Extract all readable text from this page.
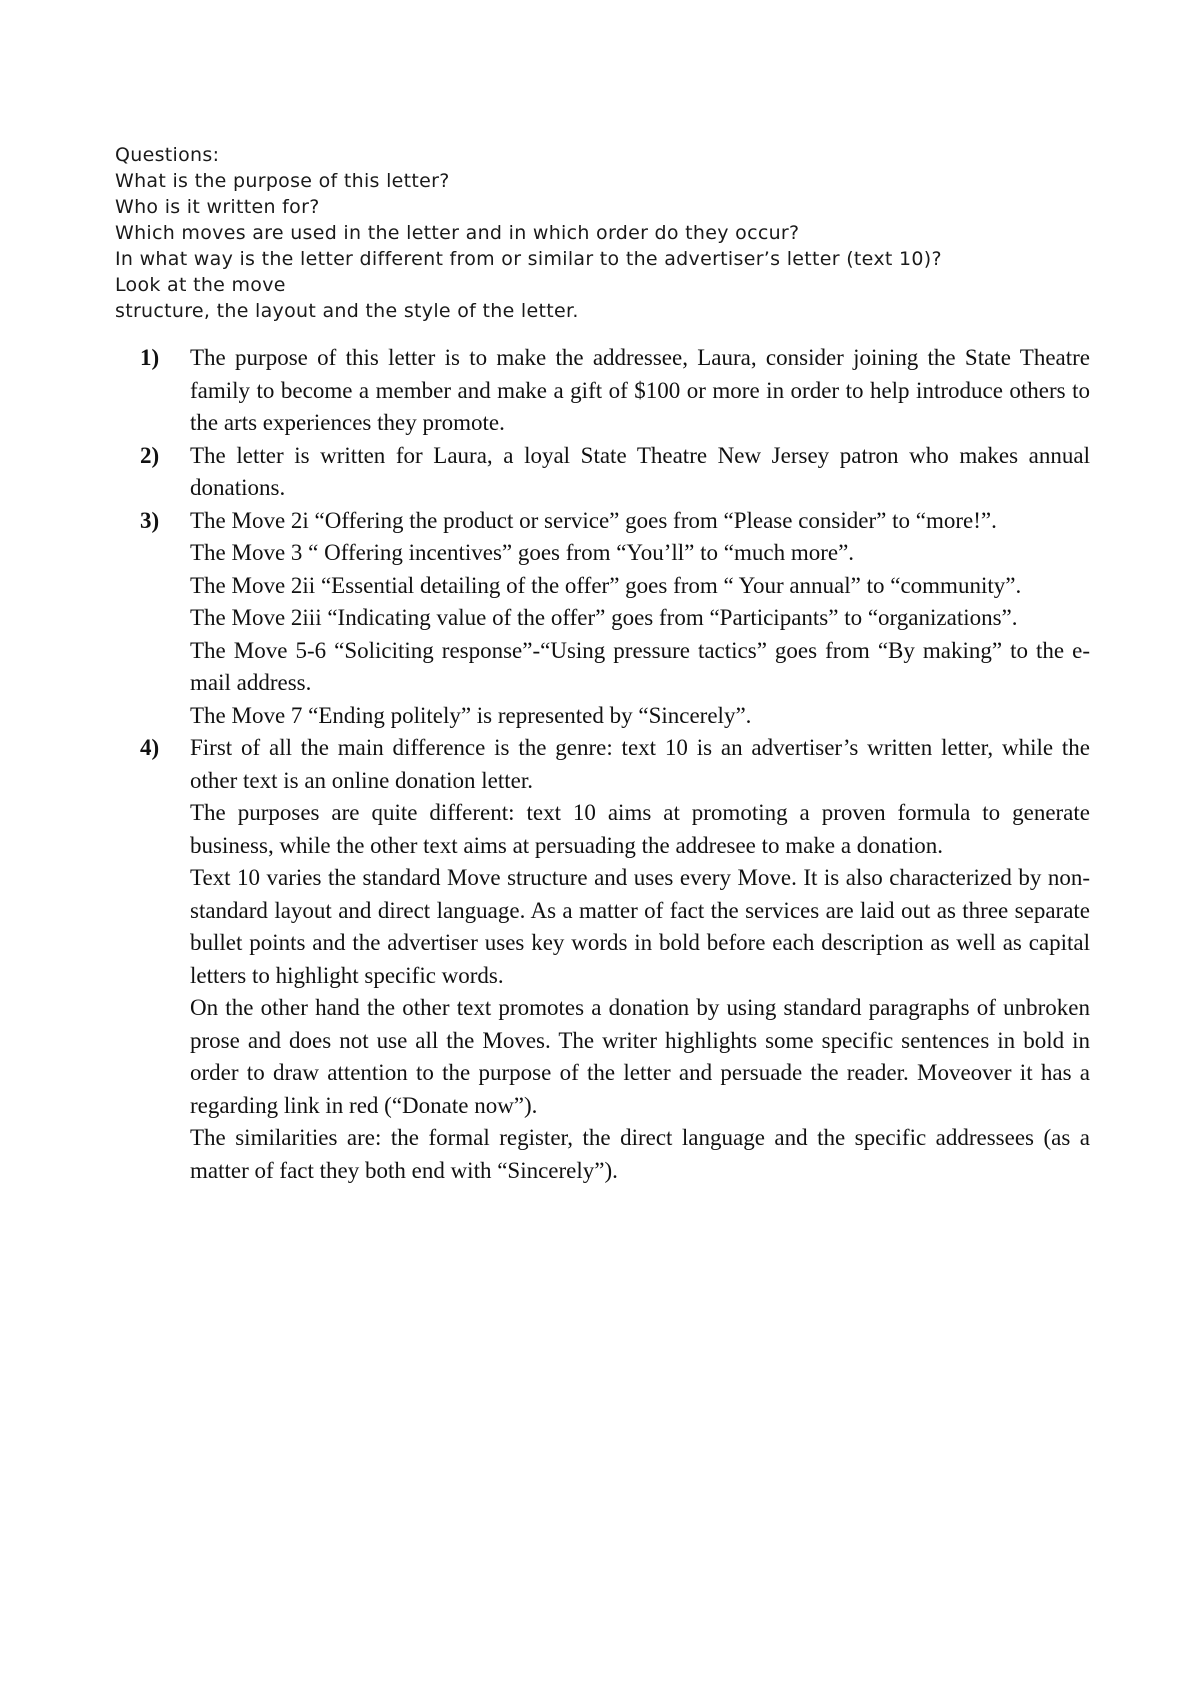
Questions:
What is the purpose of this letter?
Who is it written for?
Which moves are used in the letter and in which order do they occur?
In what way is the letter different from or similar to the advertiser’s letter (text 10)?
Look at the move
structure, the layout and the style of the letter.
1) The purpose of this letter is to make the addressee, Laura, consider joining the State Theatre family to become a member and make a gift of $100 or more in order to help introduce others to the arts experiences they promote.

2) The letter is written for Laura, a loyal State Theatre New Jersey patron who makes annual donations.

3) The Move 2i “Offering the product or service” goes from “Please consider” to “more!”.

The Move 3 “ Offering incentives” goes from “You’ll” to “much more”.

The Move 2ii “Essential detailing of the offer” goes from “ Your annual” to “community”.

The Move 2iii “Indicating value of the offer” goes from “Participants” to “organizations”.

The Move 5-6 “Soliciting response”-“Using pressure tactics” goes from “By making” to the e-mail address.

The Move 7 “Ending politely” is represented by “Sincerely”.

4) First of all the main difference is the genre: text 10 is an advertiser’s written letter, while the other text is an online donation letter.

The purposes are quite different: text 10 aims at promoting a proven formula to generate business, while the other text aims at persuading the addresee to make a donation.

Text 10 varies the standard Move structure and uses every Move. It is also characterized by non-standard layout and direct language. As a matter of fact the services are laid out as three separate bullet points and the advertiser uses key words in bold before each description as well as capital letters to highlight specific words.

On the other hand the other text promotes a donation by using standard paragraphs of unbroken prose and does not use all the Moves. The writer highlights some specific sentences in bold in order to draw attention to the purpose of the letter and persuade the reader. Moveover it has a regarding link in red (“Donate now”).

The similarities are: the formal register, the direct language and the specific addressees (as a matter of fact they both end with “Sincerely”).
